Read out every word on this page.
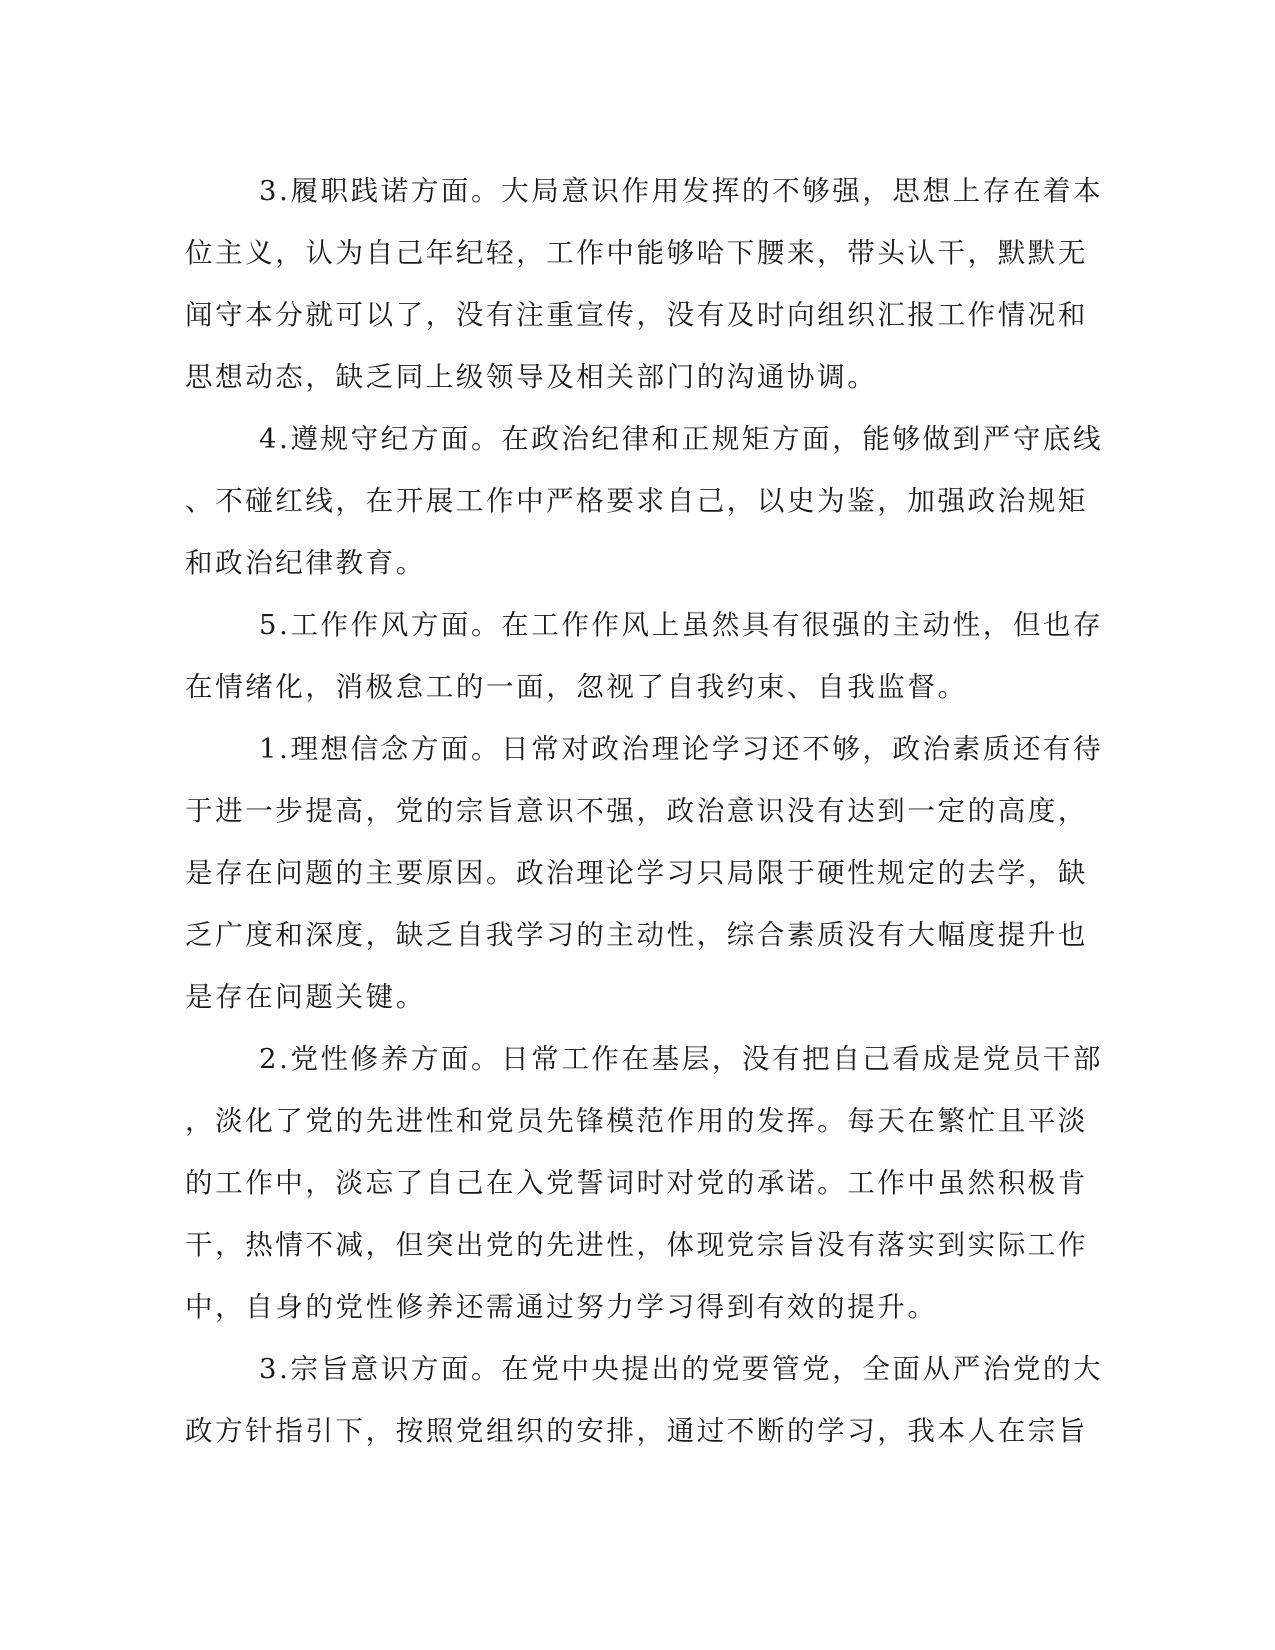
3.履职践诺方面。大局意识作用发挥的不够强，思想上存在着本
位主义，认为自己年纪轻，工作中能够哈下腰来，带头认干，默默无
闻守本分就可以了，没有注重宣传，没有及时向组织汇报工作情况和
思想动态，缺乏同上级领导及相关部门的沟通协调。
4.遵规守纪方面。在政治纪律和正规矩方面，能够做到严守底线
、不碰红线，在开展工作中严格要求自己，以史为鉴，加强政治规矩
和政治纪律教育。
5.工作作风方面。在工作作风上虽然具有很强的主动性，但也存
在情绪化，消极怠工的一面，忽视了自我约束、自我监督。
1.理想信念方面。日常对政治理论学习还不够，政治素质还有待
于进一步提高，党的宗旨意识不强，政治意识没有达到一定的高度，
是存在问题的主要原因。政治理论学习只局限于硬性规定的去学，缺
乏广度和深度，缺乏自我学习的主动性，综合素质没有大幅度提升也
是存在问题关键。
2.党性修养方面。日常工作在基层，没有把自己看成是党员干部
，淡化了党的先进性和党员先锋模范作用的发挥。每天在繁忙且平淡
的工作中，淡忘了自己在入党誓词时对党的承诺。工作中虽然积极肯
干，热情不减，但突出党的先进性，体现党宗旨没有落实到实际工作
中，自身的党性修养还需通过努力学习得到有效的提升。
3.宗旨意识方面。在党中央提出的党要管党，全面从严治党的大
政方针指引下，按照党组织的安排，通过不断的学习，我本人在宗旨
